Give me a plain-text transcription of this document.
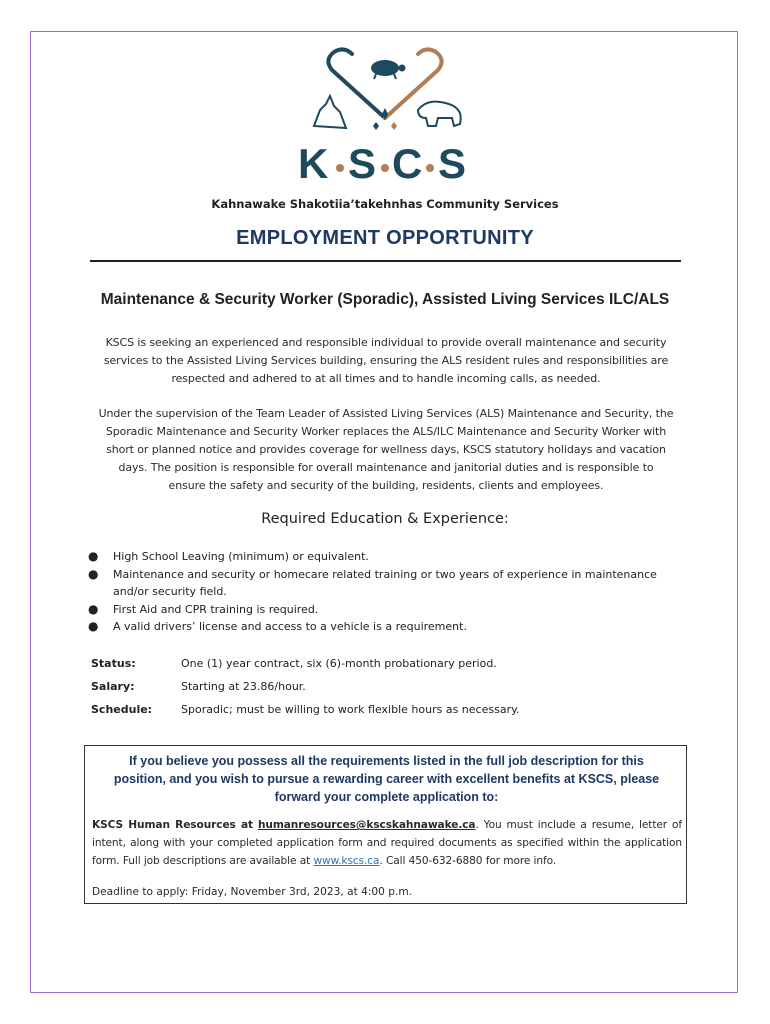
K S C S
Kahnawake Shakotiia’takehnhas Community Services
EMPLOYMENT OPPORTUNITY
Maintenance & Security Worker (Sporadic), Assisted Living Services ILC/ALS
KSCS is seeking an experienced and responsible individual to provide overall maintenance and security
services to the Assisted Living Services building, ensuring the ALS resident rules and responsibilities are
respected and adhered to at all times and to handle incoming calls, as needed.
Under the supervision of the Team Leader of Assisted Living Services (ALS) Maintenance and Security, the
Sporadic Maintenance and Security Worker replaces the ALS/ILC Maintenance and Security Worker with
short or planned notice and provides coverage for wellness days, KSCS statutory holidays and vacation
days. The position is responsible for overall maintenance and janitorial duties and is responsible to
ensure the safety and security of the building, residents, clients and employees.
Required Education & Experience:
● High School Leaving (minimum) or equivalent.
● Maintenance and security or homecare related training or two years of experience in maintenance and/or security field.
● First Aid and CPR training is required.
● A valid drivers’ license and access to a vehicle is a requirement.
Status:	One (1) year contract, six (6)-month probationary period.
Salary:	Starting at 23.86/hour.
Schedule:	Sporadic; must be willing to work flexible hours as necessary.
If you believe you possess all the requirements listed in the full job description for this
position, and you wish to pursue a rewarding career with excellent benefits at KSCS, please
forward your complete application to:
KSCS Human Resources at humanresources@kscskahnawake.ca. You must include a resume, letter of intent, along with your completed application form and required documents as specified within the application form. Full job descriptions are available at www.kscs.ca. Call 450-632-6880 for more info.
Deadline to apply: Friday, November 3rd, 2023, at 4:00 p.m.
